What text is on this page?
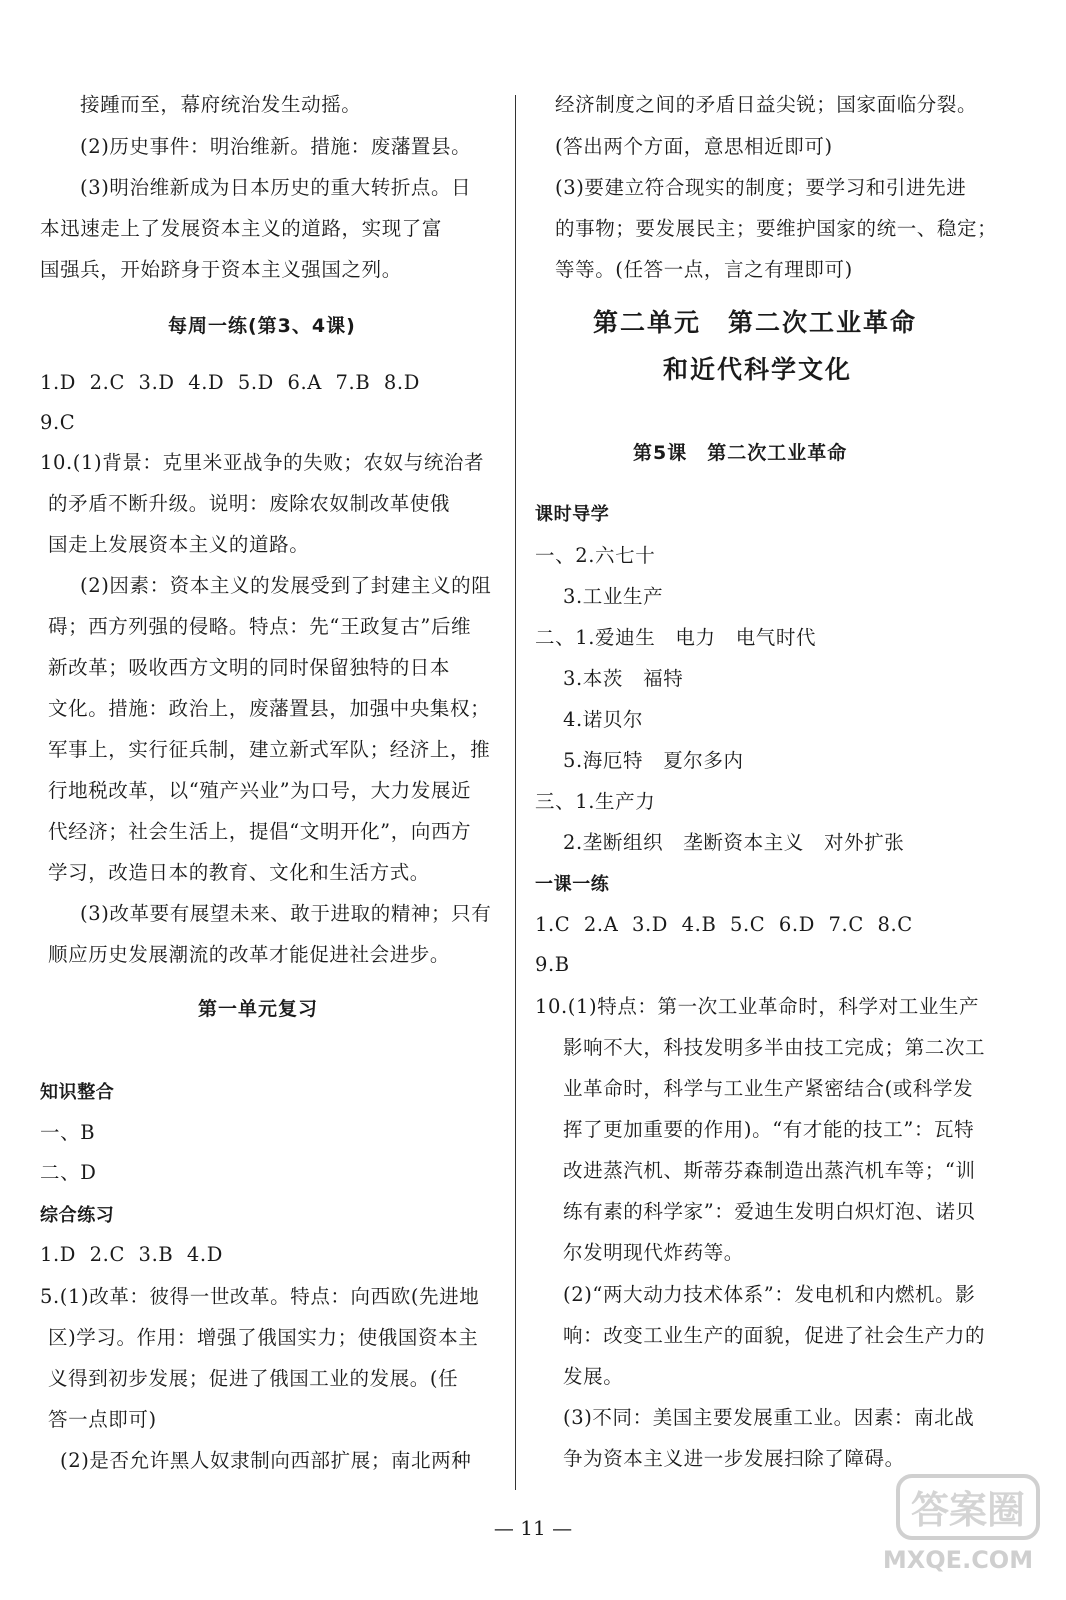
接踵而至，幕府统治发生动摇。
(2)历史事件：明治维新。措施：废藩置县。
(3)明治维新成为日本历史的重大转折点。日
本迅速走上了发展资本主义的道路，实现了富
国强兵，开始跻身于资本主义强国之列。
每周一练(第3、4课)
1.D  2.C  3.D  4.D  5.D  6.A  7.B  8.D
9.C
10.(1)背景：克里米亚战争的失败；农奴与统治者
的矛盾不断升级。说明：废除农奴制改革使俄
国走上发展资本主义的道路。
(2)因素：资本主义的发展受到了封建主义的阻
碍；西方列强的侵略。特点：先“王政复古”后维
新改革；吸收西方文明的同时保留独特的日本
文化。措施：政治上，废藩置县，加强中央集权；
军事上，实行征兵制，建立新式军队；经济上，推
行地税改革，以“殖产兴业”为口号，大力发展近
代经济；社会生活上，提倡“文明开化”，向西方
学习，改造日本的教育、文化和生活方式。
(3)改革要有展望未来、敢于进取的精神；只有
顺应历史发展潮流的改革才能促进社会进步。
第一单元复习
知识整合
一、B
二、D
综合练习
1.D  2.C  3.B  4.D
5.(1)改革：彼得一世改革。特点：向西欧(先进地
区)学习。作用：增强了俄国实力；使俄国资本主
义得到初步发展；促进了俄国工业的发展。(任
答一点即可)
(2)是否允许黑人奴隶制向西部扩展；南北两种
经济制度之间的矛盾日益尖锐；国家面临分裂。
(答出两个方面，意思相近即可)
(3)要建立符合现实的制度；要学习和引进先进
的事物；要发展民主；要维护国家的统一、稳定；
等等。(任答一点，言之有理即可)
第二单元　第二次工业革命
和近代科学文化
第5课　第二次工业革命
课时导学
一、2.六七十
3.工业生产
二、1.爱迪生　电力　电气时代
3.本茨　福特
4.诺贝尔
5.海厄特　夏尔多内
三、1.生产力
2.垄断组织　垄断资本主义　对外扩张
一课一练
1.C  2.A  3.D  4.B  5.C  6.D  7.C  8.C
9.B
10.(1)特点：第一次工业革命时，科学对工业生产
影响不大，科技发明多半由技工完成；第二次工
业革命时，科学与工业生产紧密结合(或科学发
挥了更加重要的作用)。“有才能的技工”：瓦特
改进蒸汽机、斯蒂芬森制造出蒸汽机车等；“训
练有素的科学家”：爱迪生发明白炽灯泡、诺贝
尔发明现代炸药等。
(2)“两大动力技术体系”：发电机和内燃机。影
响：改变工业生产的面貌，促进了社会生产力的
发展。
(3)不同：美国主要发展重工业。因素：南北战
争为资本主义进一步发展扫除了障碍。
— 11 —	答案圈
MXQE.COM
